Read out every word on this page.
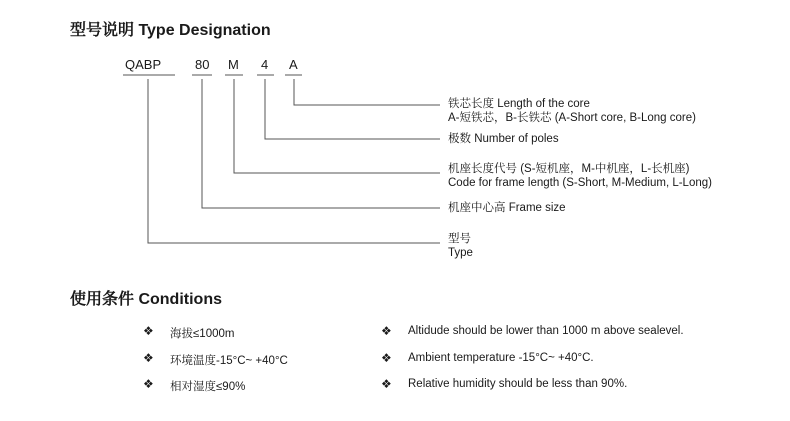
型号说明 Type Designation
QABP	80 M 4 A
铁芯长度 Length of the core
A-短铁芯，B-长铁芯 (A-Short core, B-Long core)
极数 Number of poles
机座长度代号 (S-短机座，M-中机座，L-长机座)
Code for frame length (S-Short, M-Medium, L-Long)
机座中心高 Frame size
型号
Type
使用条件 Conditions
❖ 海拔≤1000m	❖ Altidude should be lower than 1000 m above sealevel.
❖ 环境温度-15°C~ +40°C	❖ Ambient temperature -15°C~ +40°C.
❖ 相对湿度≤90%	❖ Relative humidity should be less than 90%.
